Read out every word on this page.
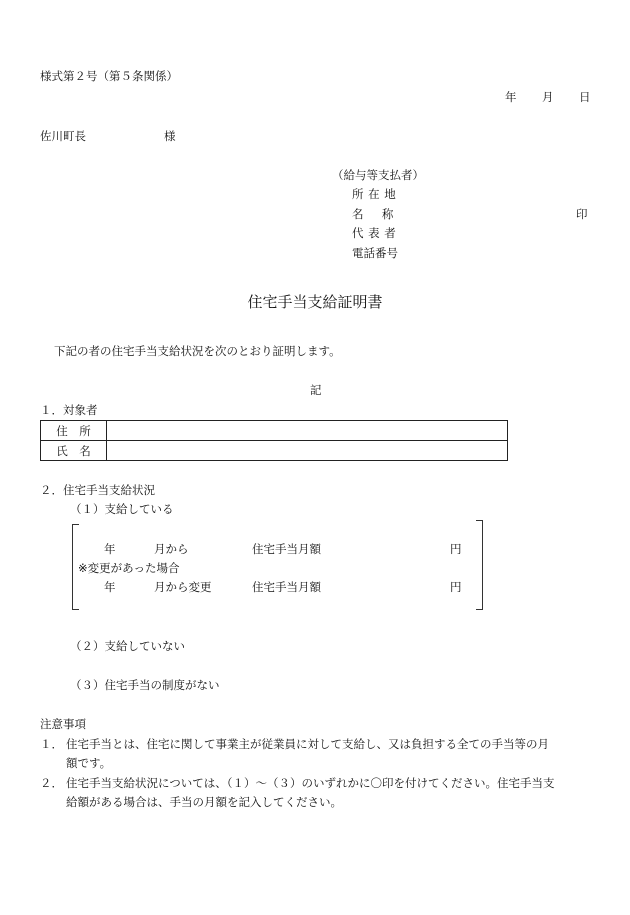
様式第２号（第５条関係）
年 月 日
佐川町長	様
（給与等支払者）
所在地
名　称	印
代表者
電話番号
住宅手当支給証明書
下記の者の住宅手当支給状況を次のとおり証明します。
記
１．対象者
住所	
氏名	
２．住宅手当支給状況
（１）支給している
年	月から	住宅手当月額	円
※変更があった場合
年	月から変更	住宅手当月額	円
（２）支給していない
（３）住宅手当の制度がない
注意事項
１． 住宅手当とは、住宅に関して事業主が従業員に対して支給し、又は負担する全ての手当等の月
額です。
２． 住宅手当支給状況については、（１）～（３）のいずれかに〇印を付けてください。住宅手当支
給額がある場合は、手当の月額を記入してください。
